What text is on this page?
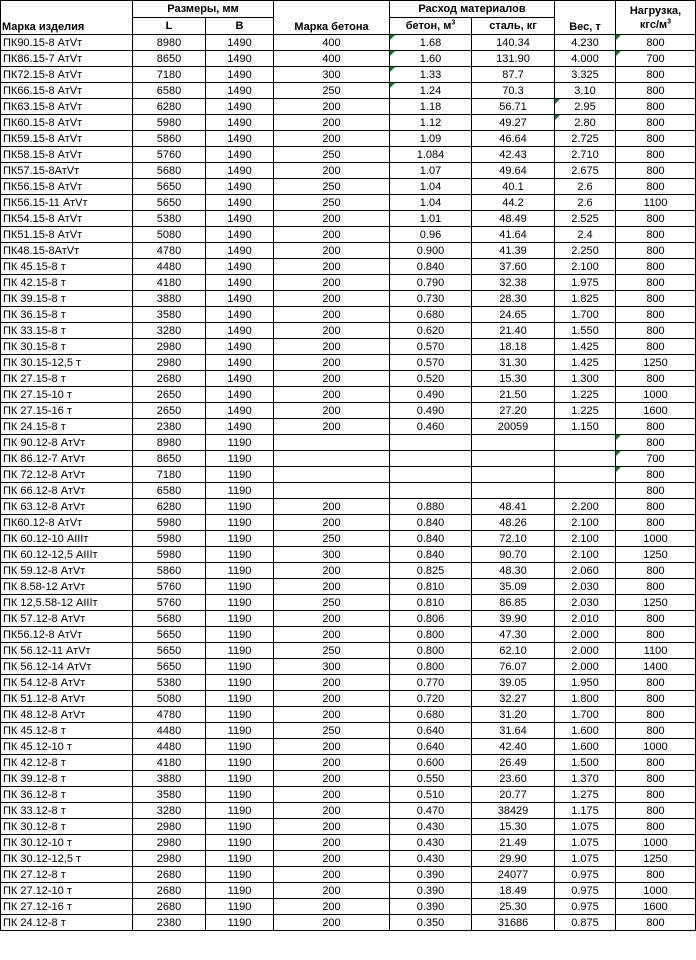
Марка изделия	Размеры, мм		Марка бетона	Расход материалов		Вес, т	Нагрузка,
кгс/$м^3$
	L	B		бетон, $м^3$	сталь, кг		
ПК90.15-8 АтVт	8980	1490	400	1.68	140.34	4.230	800
ПК86.15-7 АтVт	8650	1490	400	1.60	131.90	4.000	700
ПК72.15-8 АтVт	7180	1490	300	1.33	87.7	3.325	800
ПК66.15-8 АтVт	6580	1490	250	1.24	70.3	3.10	800
ПК63.15-8 АтVт	6280	1490	200	1.18	56.71	2.95	800
ПК60.15-8 АтVт	5980	1490	200	1.12	49.27	2.80	800
ПК59.15-8 АтVт	5860	1490	200	1.09	46.64	2.725	800
ПК58.15-8 АтVт	5760	1490	250	1.084	42.43	2.710	800
ПК57.15-8АтVт	5680	1490	200	1.07	49.64	2.675	800
ПК56.15-8 АтVт	5650	1490	250	1.04	40.1	2.6	800
ПК56.15-11 АтVт	5650	1490	250	1.04	44.2	2.6	1100
ПК54.15-8 АтVт	5380	1490	200	1.01	48.49	2.525	800
ПК51.15-8 АтVт	5080	1490	200	0.96	41.64	2.4	800
ПК48.15-8АтVт	4780	1490	200	0.900	41.39	2.250	800
ПК 45.15-8 т	4480	1490	200	0.840	37.60	2.100	800
ПК 42.15-8 т	4180	1490	200	0.790	32.38	1.975	800
ПК 39.15-8 т	3880	1490	200	0.730	28.30	1.825	800
ПК 36.15-8 т	3580	1490	200	0.680	24.65	1.700	800
ПК 33.15-8 т	3280	1490	200	0.620	21.40	1.550	800
ПК 30.15-8 т	2980	1490	200	0.570	18.18	1.425	800
ПК 30.15-12,5 т	2980	1490	200	0.570	31.30	1.425	1250
ПК 27.15-8 т	2680	1490	200	0.520	15.30	1.300	800
ПК 27.15-10 т	2650	1490	200	0.490	21.50	1.225	1000
ПК 27.15-16 т	2650	1490	200	0.490	27.20	1.225	1600
ПК 24.15-8 т	2380	1490	200	0.460	20059	1.150	800
ПК 90.12-8 АтVт	8980	1190					800
ПК 86.12-7 АтVт	8650	1190					700
ПК 72.12-8 АтVт	7180	1190					800
ПК 66.12-8 АтVт	6580	1190					800
ПК 63.12-8 АтVт	6280	1190	200	0.880	48.41	2.200	800
ПК60.12-8 АтVт	5980	1190	200	0.840	48.26	2.100	800
ПК 60.12-10 АIIIт	5980	1190	250	0.840	72.10	2.100	1000
ПК 60.12-12,5 АIIIт	5980	1190	300	0.840	90.70	2.100	1250
ПК 59.12-8 АтVт	5860	1190	200	0.825	48.30	2.060	800
ПК 8.58-12 АтVт	5760	1190	200	0.810	35.09	2.030	800
ПК 12,5.58-12 АIIIт	5760	1190	250	0.810	86.85	2.030	1250
ПК 57.12-8 АтVт	5680	1190	200	0.806	39.90	2.010	800
ПК56.12-8 АтVт	5650	1190	200	0.800	47.30	2.000	800
ПК 56.12-11 АтVт	5650	1190	250	0.800	62.10	2.000	1100
ПК 56.12-14 АтVт	5650	1190	300	0.800	76.07	2.000	1400
ПК 54.12-8 АтVт	5380	1190	200	0.770	39.05	1.950	800
ПК 51.12-8 АтVт	5080	1190	200	0.720	32.27	1.800	800
ПК 48.12-8 АтVт	4780	1190	200	0.680	31.20	1.700	800
ПК 45.12-8 т	4480	1190	250	0.640	31.64	1.600	800
ПК 45.12-10 т	4480	1190	200	0.640	42.40	1.600	1000
ПК 42.12-8 т	4180	1190	200	0.600	26.49	1.500	800
ПК 39.12-8 т	3880	1190	200	0.550	23.60	1.370	800
ПК 36.12-8 т	3580	1190	200	0.510	20.77	1.275	800
ПК 33.12-8 т	3280	1190	200	0.470	38429	1.175	800
ПК 30.12-8 т	2980	1190	200	0.430	15.30	1.075	800
ПК 30.12-10 т	2980	1190	200	0.430	21.49	1.075	1000
ПК 30.12-12,5 т	2980	1190	200	0.430	29.90	1.075	1250
ПК 27.12-8 т	2680	1190	200	0.390	24077	0.975	800
ПК 27.12-10 т	2680	1190	200	0.390	18.49	0.975	1000
ПК 27.12-16 т	2680	1190	200	0.390	25.30	0.975	1600
ПК 24.12-8 т	2380	1190	200	0.350	31686	0.875	800
